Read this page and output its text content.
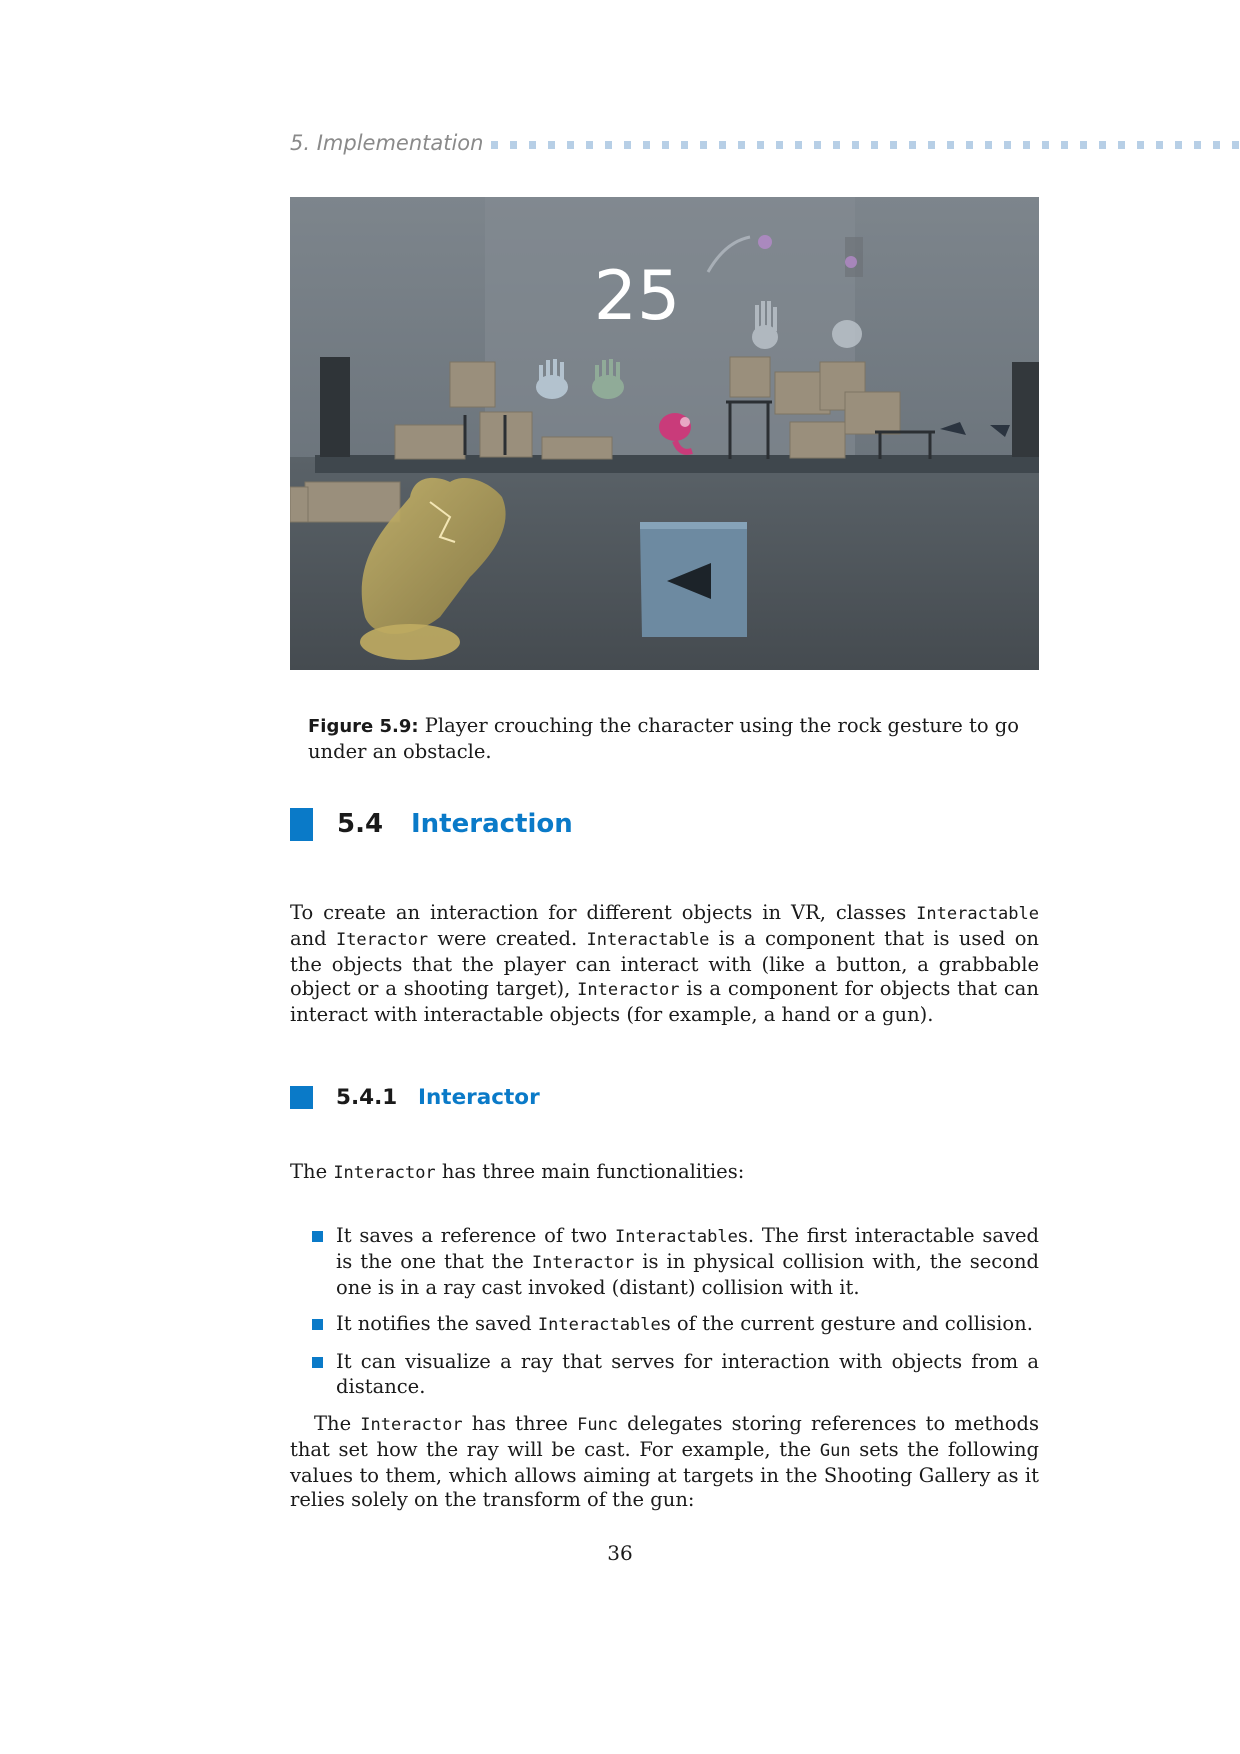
5. Implementation
25
Figure 5.9: Player crouching the character using the rock gesture to go under an obstacle.
5.4	Interaction

To create an interaction for different objects in VR, classes Interactable and Iteractor were created. Interactable is a component that is used on the objects that the player can interact with (like a button, a grabbable object or a shooting target), Interactor is a component for objects that can interact with interactable objects (for example, a hand or a gun).

5.4.1 Interactor

The Interactor has three main functionalities:

It saves a reference of two Interactables. The first interactable saved is the one that the Interactor is in physical collision with, the second one is in a ray cast invoked (distant) collision with it.
It notifies the saved Interactables of the current gesture and collision.
It can visualize a ray that serves for interaction with objects from a distance.

The Interactor has three Func delegates storing references to methods that set how the ray will be cast. For example, the Gun sets the following values to them, which allows aiming at targets in the Shooting Gallery as it relies solely on the transform of the gun:

36
